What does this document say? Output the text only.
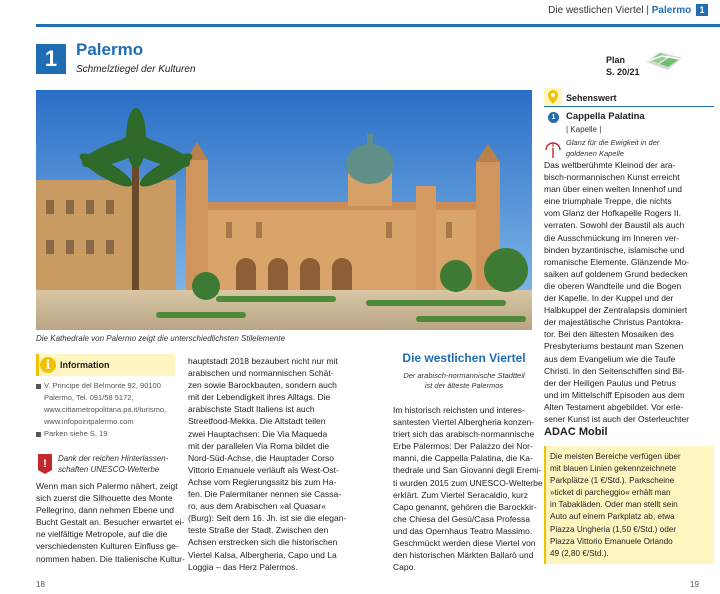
Die westlichen Viertel | Palermo 1
1	Palermo
Schmelztiegel der Kulturen
Plan
S. 20/21
Die Kathedrale von Palermo zeigt die unterschiedlichsten Stilelemente
i	Information
V. Principe del Belmonte 92, 90100
Palermo, Tel. 091/58 5172,
www.cittametropolitana.pa.it/turismo,
www.infopointpalermo.com
Parken siehe S. 19
! Dank der reichen Hinterlassen-
schaften UNESCO-Welterbe
Wenn man sich Palermo nähert, zeigt
sich zuerst die Silhouette des Monte
Pellegrino, dann nehmen Ebene und
Bucht Gestalt an. Besucher erwartet ei-
ne vielfältige Metropole, auf die die
verschiedensten Kulturen Einfluss ge-
nommen haben. Die Italienische Kultur-
hauptstadt 2018 bezaubert nicht nur mit
arabischen und normannischen Schät-
zen sowie Barockbauten, sondern auch
mit der Lebendigkeit ihres Alltags. Die
arabischste Stadt Italiens ist auch
Streetfood-Mekka. Die Altstadt teilen
zwei Hauptachsen: Die Via Maqueda
mit der parallelen Via Roma bildet die
Nord-Süd-Achse, die Hauptader Corso
Vittorio Emanuele verläuft als West-Ost-
Achse vom Regierungssitz bis zum Ha-
fen. Die Palermitaner nennen sie Cassa-
ro, aus dem Arabischen »al Quasar«
(Burg): Seit dem 16. Jh. ist sie die elegan-
teste Straße der Stadt. Zwischen den
Achsen erstrecken sich die historischen
Viertel Kalsa, Albergheria, Capo und La
Loggia – das Herz Palermos.
Die westlichen Viertel
Der arabisch-normannische Stadtteil
ist der älteste Palermos
Im historisch reichsten und interes-
santesten Viertel Albergheria konzen-
triert sich das arabisch-normannische
Erbe Palermos: Der Palazzo dei Nor-
manni, die Cappella Palatina, die Ka-
thedrale und San Giovanni degli Eremi-
ti wurden 2015 zum UNESCO-Welterbe
erklärt. Zum Viertel Seracaldio, kurz
Capo genannt, gehören die Barockkir-
che Chiesa del Gesù/Casa Professa
und das Opernhaus Teatro Massimo.
Geschmückt werden diese Viertel von
den historischen Märkten Ballarò und
Capo.
Sehenswert
1	Cappella Palatina
| Kapelle |
! Glanz für die Ewigkeit in der
goldenen Kapelle
Das weltberühmte Kleinod der ara-
bisch-normannischen Kunst erreicht
man über einen weiten Innenhof und
eine triumphale Treppe, die nichts
vom Glanz der Hofkapelle Rogers II.
verraten. Sowohl der Baustil als auch
die Ausschmückung im Inneren ver-
binden byzantinische, islamische und
romanische Elemente. Glänzende Mo-
saiken auf goldenem Grund bedecken
die oberen Wandteile und die Bogen
der Kapelle. In der Kuppel und der
Halbkuppel der Zentralapsis dominiert
der majestätische Christus Pantokra-
tor. Bei den ältesten Mosaiken des
Presbyteriums bestaunt man Szenen
aus dem Evangelium wie die Taufe
Christi. In den Seitenschiffen sind Bil-
der der Heiligen Paulus und Petrus
und im Mittelschiff Episoden aus dem
Alten Testament abgebildet. Vor erle-
sener Kunst ist auch der Osterleuchter
ADAC Mobil
Die meisten Bereiche verfügen über
mit blauen Linien gekennzeichnete
Parkplätze (1 €/Std.). Parkscheine
»ticket di parcheggio« erhält man
in Tabakläden. Oder man stellt sein
Auto auf einem Parkplatz ab, etwa
Piazza Ungheria (1,50 €/Std.) oder
Piazza Vittorio Emanuele Orlando
49 (2,80 €/Std.).
18	19
